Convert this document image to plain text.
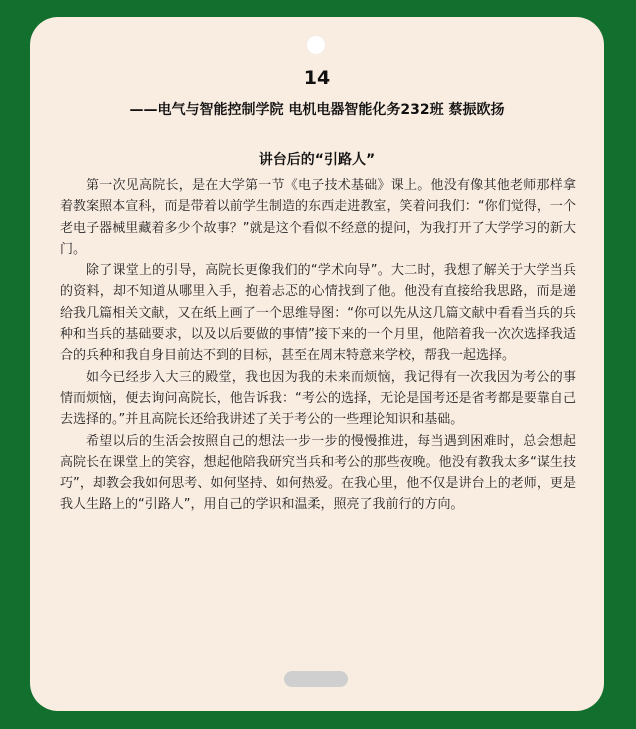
14
——电气与智能控制学院 电机电器智能化务232班 蔡振欧扬
讲台后的“引路人”

第一次见高院长，是在大学第一节《电子技术基础》课上。他没有像其他老师那样拿着教案照本宣科，而是带着以前学生制造的东西走进教室，笑着问我们：“你们觉得，一个老电子器械里藏着多少个故事？”就是这个看似不经意的提问，为我打开了大学学习的新大门。

除了课堂上的引导，高院长更像我们的“学术向导”。大二时，我想了解关于大学当兵的资料，却不知道从哪里入手，抱着忐忑的心情找到了他。他没有直接给我思路，而是递给我几篇相关文献，又在纸上画了一个思维导图：“你可以先从这几篇文献中看看当兵的兵种和当兵的基础要求，以及以后要做的事情”接下来的一个月里，他陪着我一次次选择我适合的兵种和我自身目前达不到的目标，甚至在周末特意来学校，帮我一起选择。

如今已经步入大三的殿堂，我也因为我的未来而烦恼，我记得有一次我因为考公的事情而烦恼，便去询问高院长，他告诉我：“考公的选择，无论是国考还是省考都是要靠自己去选择的。”并且高院长还给我讲述了关于考公的一些理论知识和基础。

希望以后的生活会按照自己的想法一步一步的慢慢推进，每当遇到困难时，总会想起高院长在课堂上的笑容，想起他陪我研究当兵和考公的那些夜晚。他没有教我太多“谋生技巧”，却教会我如何思考、如何坚持、如何热爱。在我心里，他不仅是讲台上的老师，更是我人生路上的“引路人”，用自己的学识和温柔，照亮了我前行的方向。
